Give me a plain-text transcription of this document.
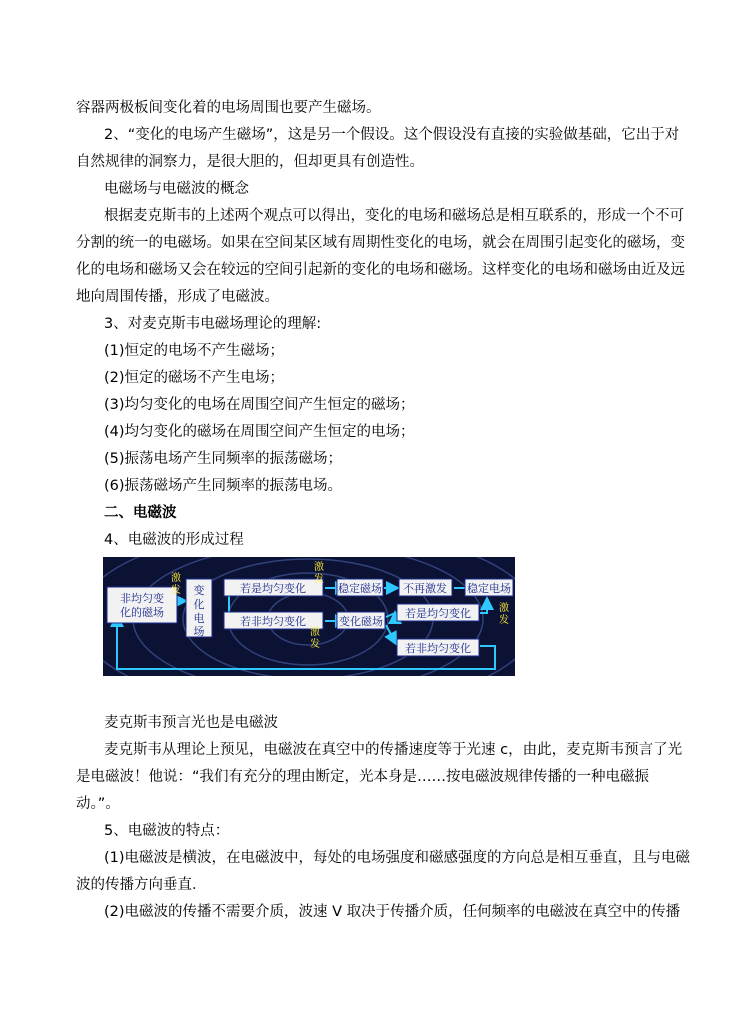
容器两极板间变化着的电场周围也要产生磁场。
2、“变化的电场产生磁场”，这是另一个假设。这个假设没有直接的实验做基础，它出于对
自然规律的洞察力，是很大胆的，但却更具有创造性。
电磁场与电磁波的概念
根据麦克斯韦的上述两个观点可以得出，变化的电场和磁场总是相互联系的，形成一个不可
分割的统一的电磁场。如果在空间某区域有周期性变化的电场，就会在周围引起变化的磁场，变
化的电场和磁场又会在较远的空间引起新的变化的电场和磁场。这样变化的电场和磁场由近及远
地向周围传播，形成了电磁波。
3、对麦克斯韦电磁场理论的理解:
(1)恒定的电场不产生磁场；
(2)恒定的磁场不产生电场；
(3)均匀变化的电场在周围空间产生恒定的磁场；
(4)均匀变化的磁场在周围空间产生恒定的电场；
(5)振荡电场产生同频率的振荡磁场；
(6)振荡磁场产生同频率的振荡电场。
二、电磁波
4、电磁波的形成过程
非均匀变
化的磁场
变
化
电
场
若是均匀变化
若非均匀变化
稳定磁场
变化磁场
不再激发 稳定电场
若是均匀变化
若非均匀变化
激
发
激
发
激
发
激
发
麦克斯韦预言光也是电磁波
麦克斯韦从理论上预见，电磁波在真空中的传播速度等于光速 c，由此，麦克斯韦预言了光
是电磁波！他说：“我们有充分的理由断定，光本身是……按电磁波规律传播的一种电磁振
动。”。
5、电磁波的特点：
(1)电磁波是横波，在电磁波中，每处的电场强度和磁感强度的方向总是相互垂直，且与电磁
波的传播方向垂直．
(2)电磁波的传播不需要介质，波速 V 取决于传播介质，任何频率的电磁波在真空中的传播
